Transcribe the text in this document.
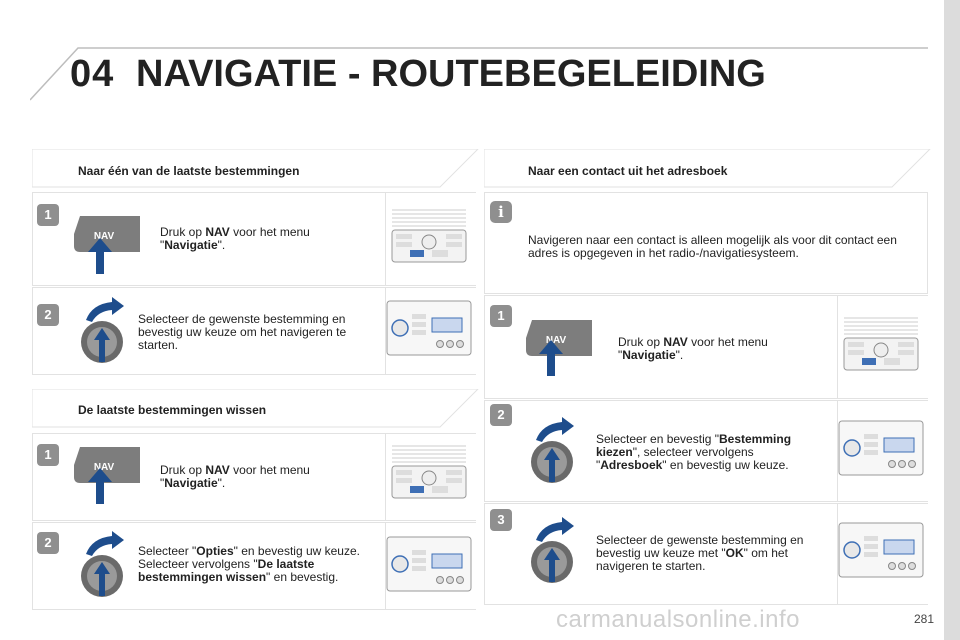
04 NAVIGATIE - ROUTEBEGELEIDING
Naar één van de laatste bestemmingen
1
NAV	Druk op NAV voor het menu
"Navigatie".
2	Selecteer de gewenste bestemming en bevestig uw keuze om het navigeren te starten.
De laatste bestemmingen wissen
1
NAV	Druk op NAV voor het menu
"Navigatie".
2
Selecteer "Opties" en bevestig uw keuze. Selecteer vervolgens "De laatste bestemmingen wissen" en bevestig.
Naar een contact uit het adresboek
i
Navigeren naar een contact is alleen mogelijk als voor dit contact een adres is opgegeven in het radio-/navigatiesysteem.
1
NAV	Druk op NAV voor het menu
"Navigatie".
2
Selecteer en bevestig "Bestemming kiezen", selecteer vervolgens "Adresboek" en bevestig uw keuze.
3
Selecteer de gewenste bestemming en bevestig uw keuze met "OK" om het navigeren te starten.
carmanualsonline.info	281
